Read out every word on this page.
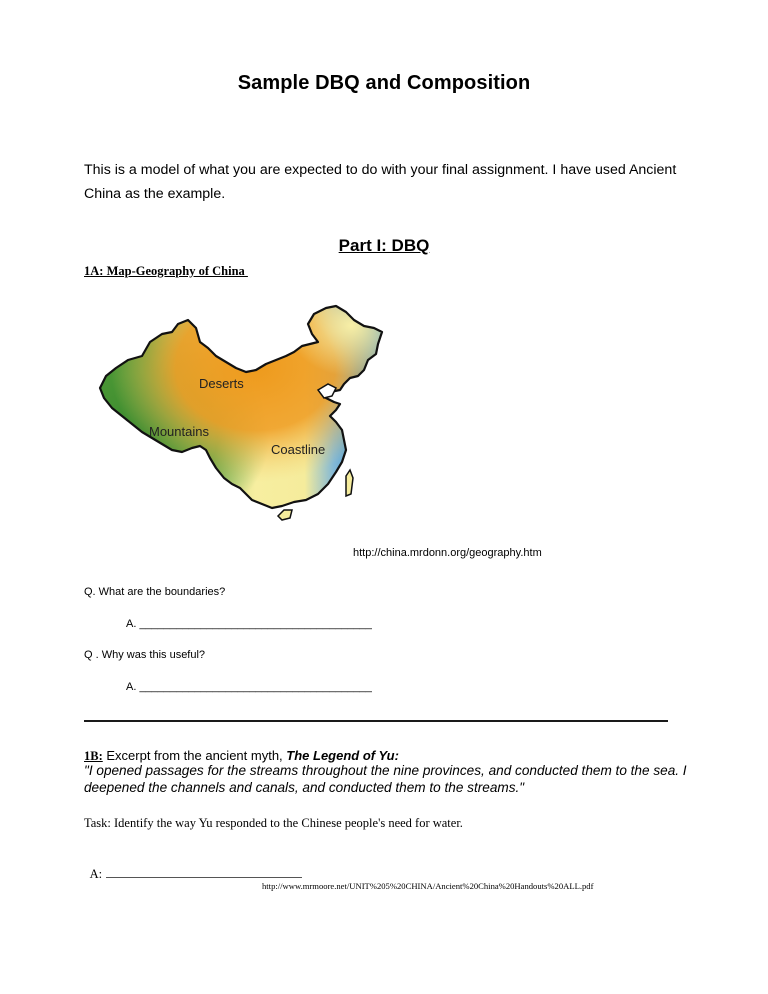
Sample DBQ and Composition
This is a model of what you are expected to do with your final assignment. I have used Ancient China as the example.
Part I: DBQ
1A: Map-Geography of China
Deserts
Mountains
Coastline
http://china.mrdonn.org/geography.htm
Q. What are the boundaries?
A. ______________________________________
Q . Why was this useful?
A. ______________________________________
1B: Excerpt from the ancient myth, The Legend of Yu:
"I opened passages for the streams throughout the nine provinces, and conducted them to the sea. I deepened the channels and canals, and conducted them to the streams."
Task: Identify the way Yu responded to the Chinese people's need for water.

A:

http://www.mrmoore.net/UNIT%205%20CHINA/Ancient%20China%20Handouts%20ALL.pdf
